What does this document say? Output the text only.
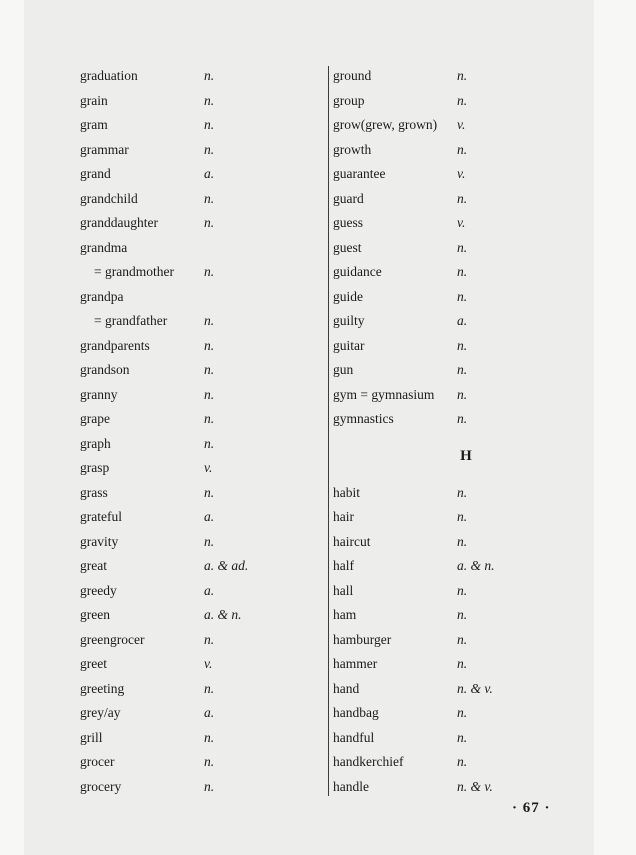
graduation	n.
grain	n.
gram	n.
grammar	n.
grand	a.
grandchild	n.
granddaughter	n.
grandma
= grandmother n.
grandpa
= grandfather	n.
grandparents	n.
grandson	n.
granny	n.
grape	n.
graph	n.
grasp	v.
grass	n.
grateful	a.
gravity	n.
great	a. & ad.
greedy	a.
green	a. & n.
greengrocer	n.
greet	v.
greeting	n.
grey/ay	a.
grill	n.
grocer	n.
grocery	n.
ground	n.
group	n.
grow(grew, grown) v.
growth	n.
guarantee	v.
guard	n.
guess	v.
guest	n.
guidance	n.
guide	n.
guilty	a.
guitar	n.
gun	n.
gym = gymnasium n.
gymnastics	n.
H
habit	n.
hair	n.
haircut	n.
half	a. & n.
hall	n.
ham	n.
hamburger	n.
hammer	n.
hand	n. & v.
handbag	n.
handful	n.
handkerchief	n.
handle	n. & v.
· 67 ·
